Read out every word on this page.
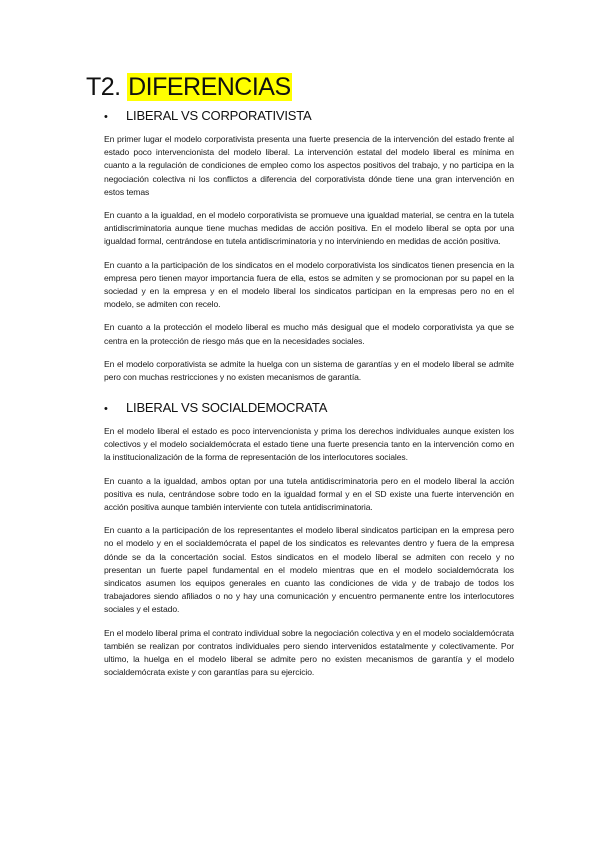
T2. DIFERENCIAS
• LIBERAL VS CORPORATIVISTA

En primer lugar el modelo corporativista presenta una fuerte presencia de la intervención del estado frente al estado poco intervencionista del modelo liberal. La intervención estatal del modelo liberal es mínima en cuanto a la regulación de condiciones de empleo como los aspectos positivos del trabajo, y no participa en la negociación colectiva ni los conflictos a diferencia del corporativista dónde tiene una gran intervención en estos temas

En cuanto a la igualdad, en el modelo corporativista se promueve una igualdad material, se centra en la tutela antidiscriminatoria aunque tiene muchas medidas de acción positiva. En el modelo liberal se opta por una igualdad formal, centrándose en tutela antidiscriminatoria y no interviniendo en medidas de acción positiva.

En cuanto a la participación de los sindicatos en el modelo corporativista los sindicatos tienen presencia en la empresa pero tienen mayor importancia fuera de ella, estos se admiten y se promocionan por su papel en la sociedad y en la empresa y en el modelo liberal los sindicatos participan en la empresas pero no en el modelo, se admiten con recelo.

En cuanto a la protección el modelo liberal es mucho más desigual que el modelo corporativista ya que se centra en la protección de riesgo más que en la necesidades sociales.

En el modelo corporativista se admite la huelga con un sistema de garantías y en el modelo liberal se admite pero con muchas restricciones y no existen mecanismos de garantía.

• LIBERAL VS SOCIALDEMOCRATA

En el modelo liberal el estado es poco intervencionista y prima los derechos individuales aunque existen los colectivos y el modelo socialdemócrata el estado tiene una fuerte presencia tanto en la intervención como en la institucionalización de la forma de representación de los interlocutores sociales.

En cuanto a la igualdad, ambos optan por una tutela antidiscriminatoria pero en el modelo liberal la acción positiva es nula, centrándose sobre todo en la igualdad formal y en el SD existe una fuerte intervención en acción positiva aunque también interviente con tutela antidiscriminatoria.

En cuanto a la participación de los representantes el modelo liberal sindicatos participan en la empresa pero no el modelo y en el socialdemócrata el papel de los sindicatos es relevantes dentro y fuera de la empresa dónde se da la concertación social. Estos sindicatos en el modelo liberal se admiten con recelo y no presentan un fuerte papel fundamental en el modelo mientras que en el modelo socialdemócrata los sindicatos asumen los equipos generales en cuanto las condiciones de vida y de trabajo de todos los trabajadores siendo afiliados o no y hay una comunicación y encuentro permanente entre los interlocutores sociales y el estado.

En el modelo liberal prima el contrato individual sobre la negociación colectiva y en el modelo socialdemócrata también se realizan por contratos individuales pero siendo intervenidos estatalmente y colectivamente. Por ultimo, la huelga en el modelo liberal se admite pero no existen mecanismos de garantía y el modelo socialdemócrata existe y con garantías para su ejercicio.
